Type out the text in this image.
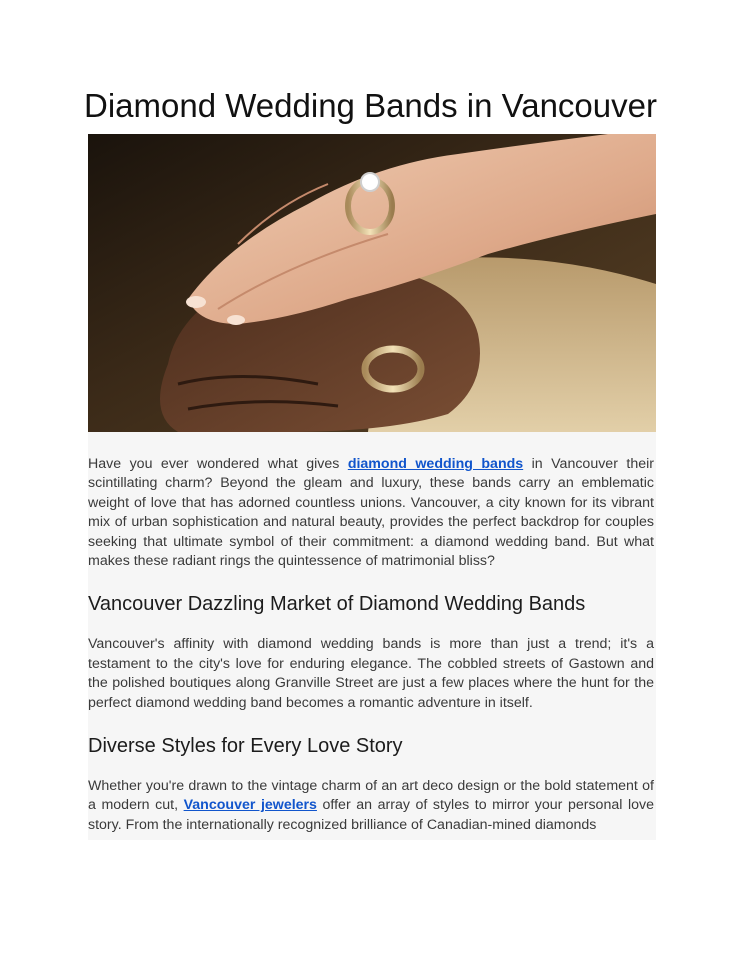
Diamond Wedding Bands in Vancouver

Have you ever wondered what gives diamond wedding bands in Vancouver their scintillating charm? Beyond the gleam and luxury, these bands carry an emblematic weight of love that has adorned countless unions. Vancouver, a city known for its vibrant mix of urban sophistication and natural beauty, provides the perfect backdrop for couples seeking that ultimate symbol of their commitment: a diamond wedding band. But what makes these radiant rings the quintessence of matrimonial bliss?

Vancouver Dazzling Market of Diamond Wedding Bands

Vancouver's affinity with diamond wedding bands is more than just a trend; it's a testament to the city's love for enduring elegance. The cobbled streets of Gastown and the polished boutiques along Granville Street are just a few places where the hunt for the perfect diamond wedding band becomes a romantic adventure in itself.

Diverse Styles for Every Love Story

Whether you're drawn to the vintage charm of an art deco design or the bold statement of a modern cut, Vancouver jewelers offer an array of styles to mirror your personal love story. From the internationally recognized brilliance of Canadian-mined diamonds
